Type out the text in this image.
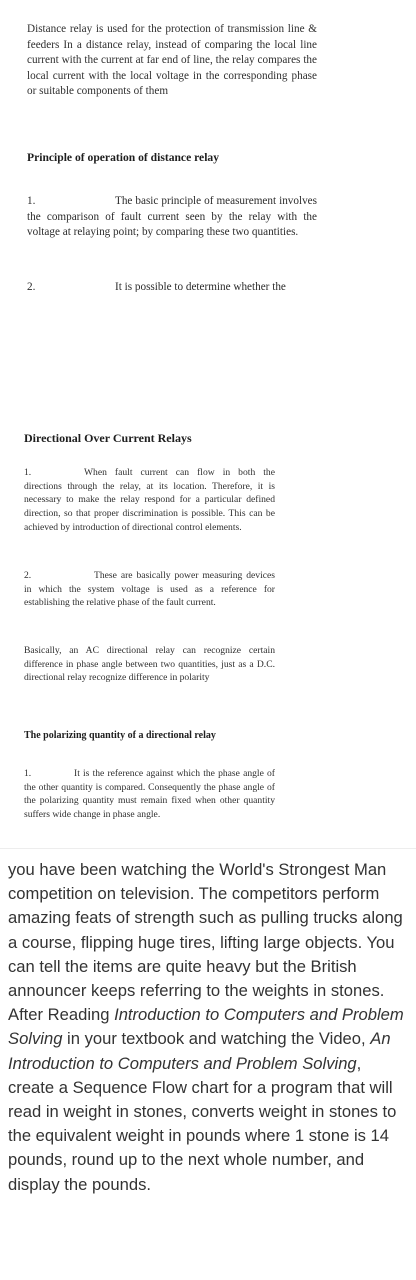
Distance relay is used for the protection of transmission line & feeders In a distance relay, instead of comparing the local line current with the current at far end of line, the relay compares the local current with the local voltage in the corresponding phase or suitable components of them
Principle of operation of distance relay
1.	The basic principle of measurement involves the comparison of fault current seen by the relay with the voltage at relaying point; by comparing these two quantities.
2.	It is possible to determine whether the
Directional Over Current Relays
1.	When fault current can flow in both the directions through the relay, at its location. Therefore, it is necessary to make the relay respond for a particular defined direction, so that proper discrimination is possible. This can be achieved by introduction of directional control elements.
2.	These are basically power measuring devices in which the system voltage is used as a reference for establishing the relative phase of the fault current.
Basically, an AC directional relay can recognize certain difference in phase angle between two quantities, just as a D.C. directional relay recognize difference in polarity
The polarizing quantity of a directional relay
1.	It is the reference against which the phase angle of the other quantity is compared. Consequently the phase angle of the polarizing quantity must remain fixed when other quantity suffers wide change in phase angle.
you have been watching the World's Strongest Man competition on television. The competitors perform amazing feats of strength such as pulling trucks along a course, flipping huge tires, lifting large objects. You can tell the items are quite heavy but the British announcer keeps referring to the weights in stones. After Reading Introduction to Computers and Problem Solving in your textbook and watching the Video, An Introduction to Computers and Problem Solving, create a Sequence Flow chart for a program that will read in weight in stones, converts weight in stones to the equivalent weight in pounds where 1 stone is 14 pounds, round up to the next whole number, and display the pounds.
